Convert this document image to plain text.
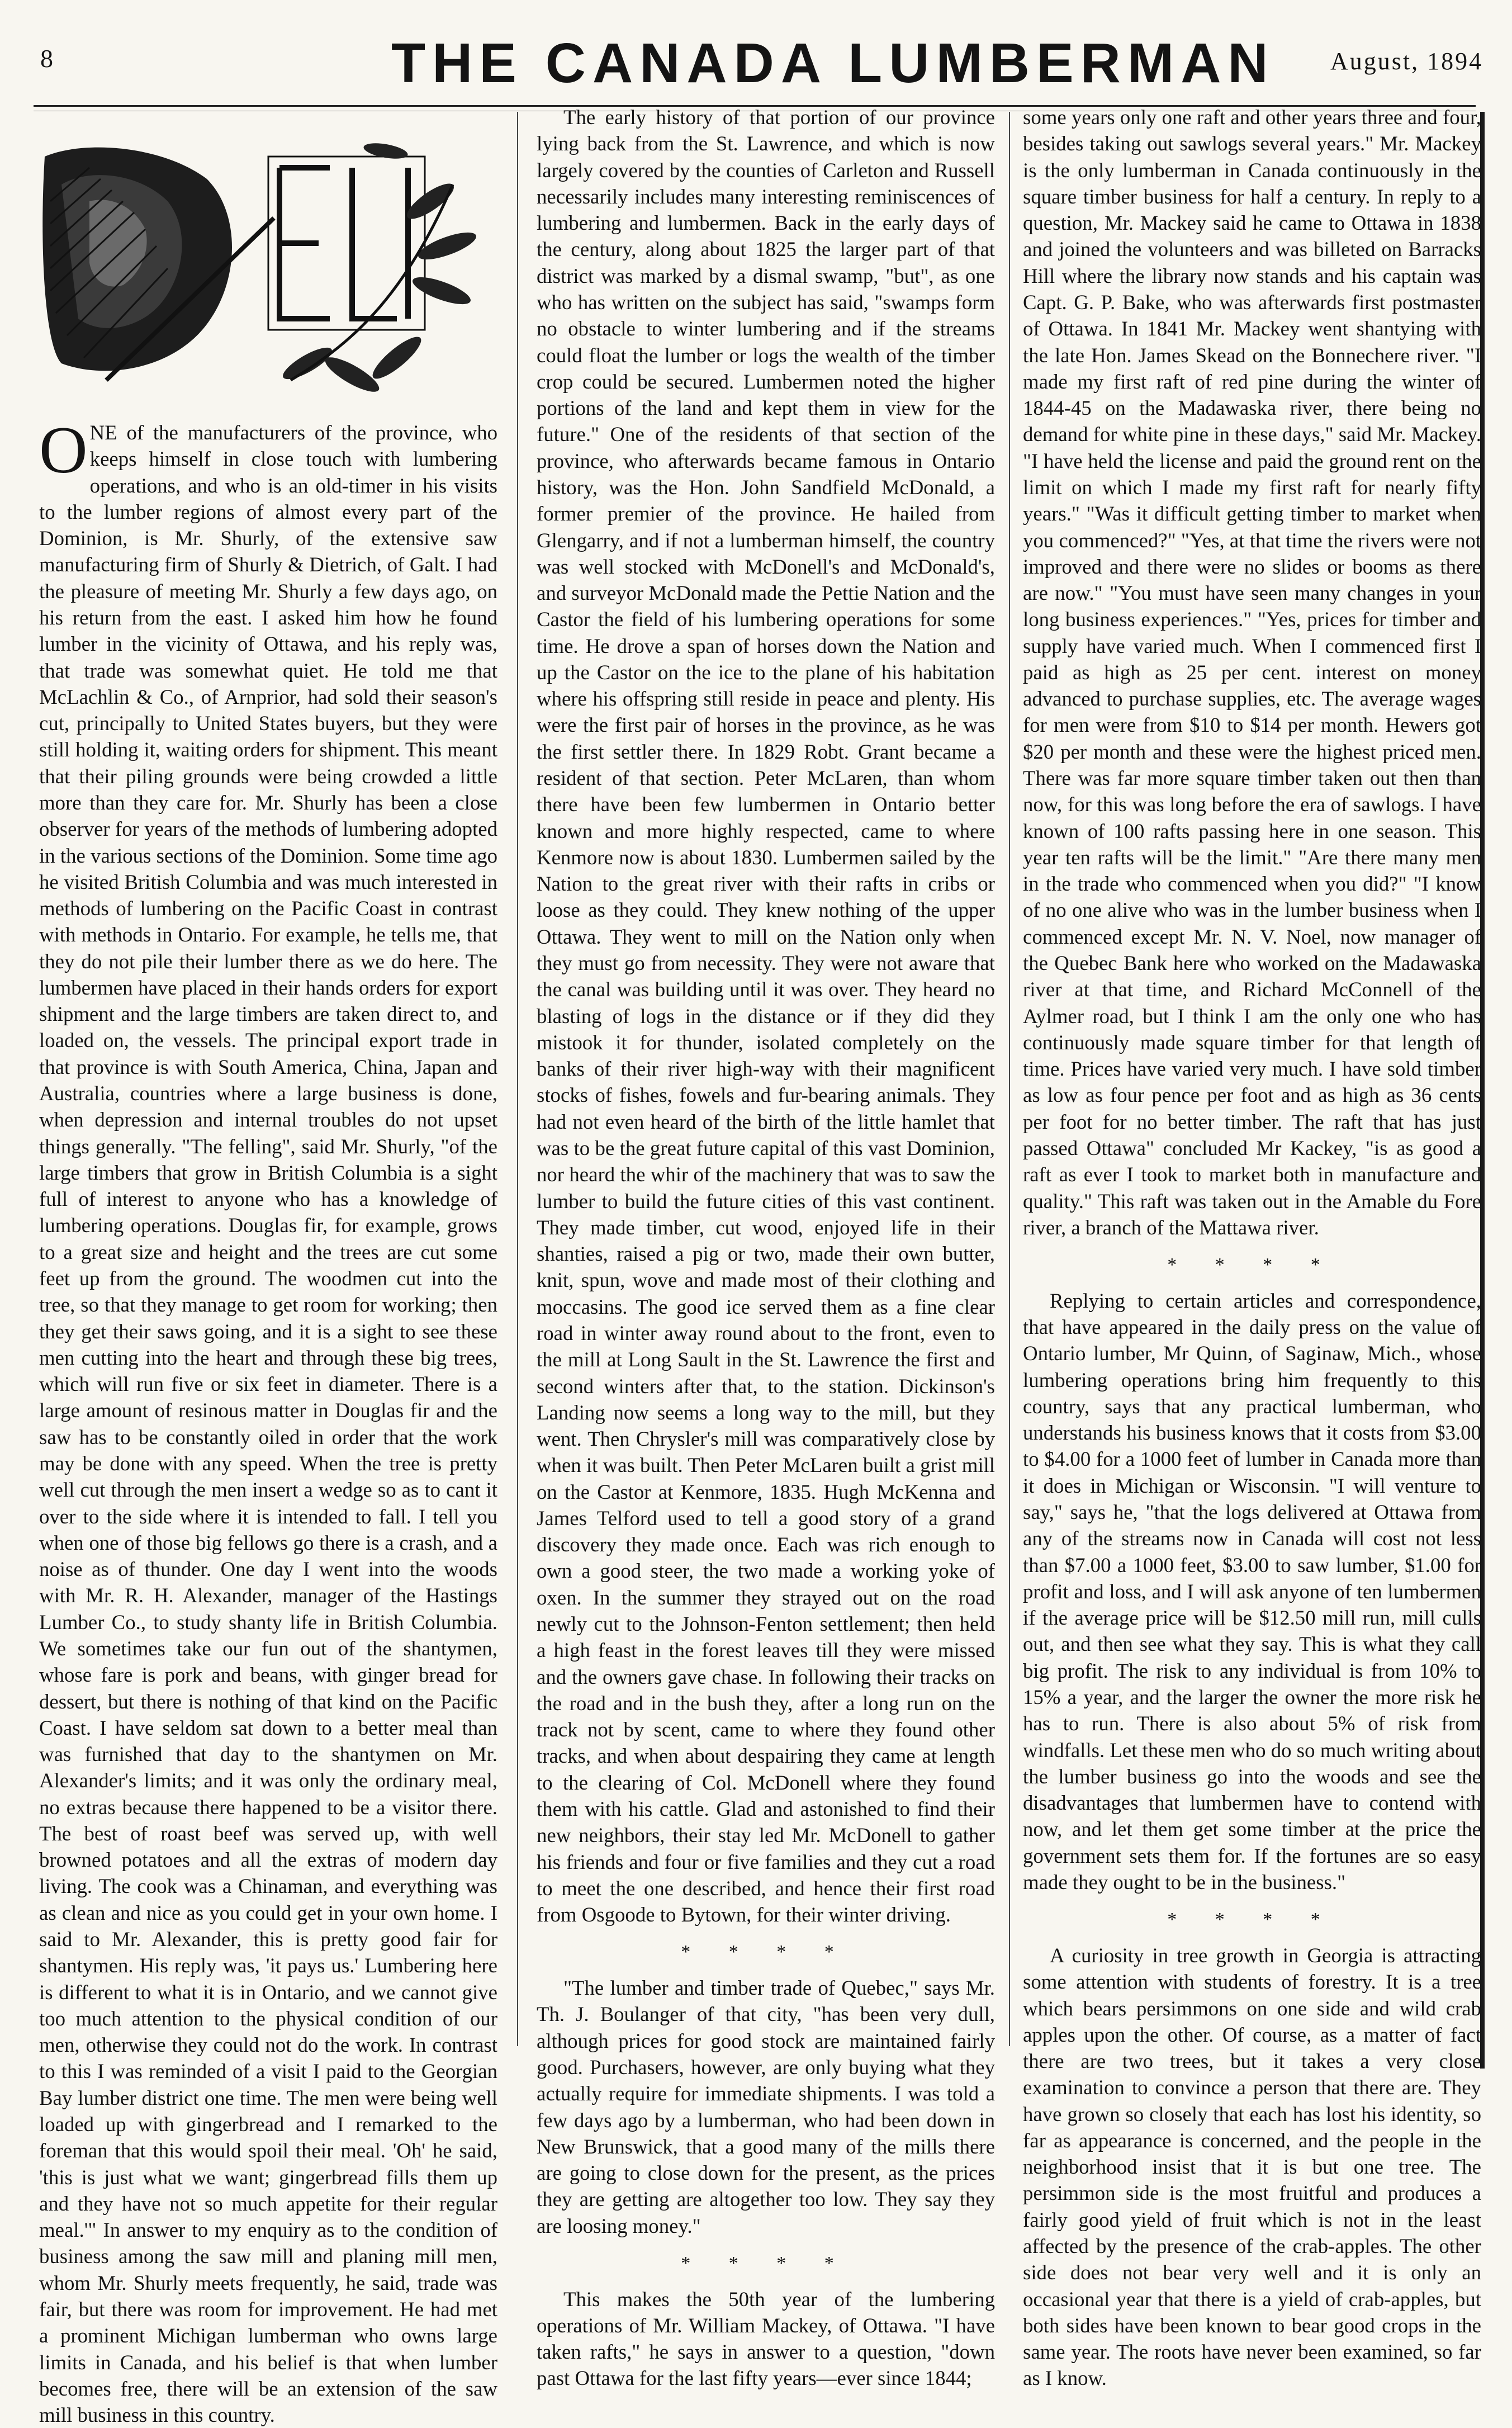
8	THE CANADA LUMBERMAN August, 1894

ONE of the manufacturers of the province, who keeps himself in close touch with lumbering operations, and who is an old-timer in his visits to the lumber regions of almost every part of the Dominion, is Mr. Shurly, of the extensive saw manufacturing firm of Shurly & Dietrich, of Galt. I had the pleasure of meeting Mr. Shurly a few days ago, on his return from the east. I asked him how he found lumber in the vicinity of Ottawa, and his reply was, that trade was somewhat quiet. He told me that McLachlin & Co., of Arnprior, had sold their season's cut, principally to United States buyers, but they were still holding it, waiting orders for shipment. This meant that their piling grounds were being crowded a little more than they care for. Mr. Shurly has been a close observer for years of the methods of lumbering adopted in the various sections of the Dominion. Some time ago he visited British Columbia and was much interested in methods of lumbering on the Pacific Coast in contrast with methods in Ontario. For example, he tells me, that they do not pile their lumber there as we do here. The lumbermen have placed in their hands orders for export shipment and the large timbers are taken direct to, and loaded on, the vessels. The principal export trade in that province is with South America, China, Japan and Australia, countries where a large business is done, when depression and internal troubles do not upset things generally. "The felling", said Mr. Shurly, "of the large timbers that grow in British Columbia is a sight full of interest to anyone who has a knowledge of lumbering operations. Douglas fir, for example, grows to a great size and height and the trees are cut some feet up from the ground. The woodmen cut into the tree, so that they manage to get room for working; then they get their saws going, and it is a sight to see these men cutting into the heart and through these big trees, which will run five or six feet in diameter. There is a large amount of resinous matter in Douglas fir and the saw has to be constantly oiled in order that the work may be done with any speed. When the tree is pretty well cut through the men insert a wedge so as to cant it over to the side where it is intended to fall. I tell you when one of those big fellows go there is a crash, and a noise as of thunder. One day I went into the woods with Mr. R. H. Alexander, manager of the Hastings Lumber Co., to study shanty life in British Columbia. We sometimes take our fun out of the shantymen, whose fare is pork and beans, with ginger bread for dessert, but there is nothing of that kind on the Pacific Coast. I have seldom sat down to a better meal than was furnished that day to the shantymen on Mr. Alexander's limits; and it was only the ordinary meal, no extras because there happened to be a visitor there. The best of roast beef was served up, with well browned potatoes and all the extras of modern day living. The cook was a Chinaman, and everything was as clean and nice as you could get in your own home. I said to Mr. Alexander, this is pretty good fair for shantymen. His reply was, 'it pays us.' Lumbering here is different to what it is in Ontario, and we cannot give too much attention to the physical condition of our men, otherwise they could not do the work. In contrast to this I was reminded of a visit I paid to the Georgian Bay lumber district one time. The men were being well loaded up with gingerbread and I remarked to the foreman that this would spoil their meal. 'Oh' he said, 'this is just what we want; gingerbread fills them up and they have not so much appetite for their regular meal.'" In answer to my enquiry as to the condition of business among the saw mill and planing mill men, whom Mr. Shurly meets frequently, he said, trade was fair, but there was room for improvement. He had met a prominent Michigan lumberman who owns large limits in Canada, and his belief is that when lumber becomes free, there will be an extension of the saw mill business in this country.

The early history of that portion of our province lying back from the St. Lawrence, and which is now largely covered by the counties of Carleton and Russell necessarily includes many interesting reminiscences of lumbering and lumbermen. Back in the early days of the century, along about 1825 the larger part of that district was marked by a dismal swamp, "but", as one who has written on the subject has said, "swamps form no obstacle to winter lumbering and if the streams could float the lumber or logs the wealth of the timber crop could be secured. Lumbermen noted the higher portions of the land and kept them in view for the future." One of the residents of that section of the province, who afterwards became famous in Ontario history, was the Hon. John Sandfield McDonald, a former premier of the province. He hailed from Glengarry, and if not a lumberman himself, the country was well stocked with McDonell's and McDonald's, and surveyor McDonald made the Pettie Nation and the Castor the field of his lumbering operations for some time. He drove a span of horses down the Nation and up the Castor on the ice to the plane of his habitation where his offspring still reside in peace and plenty. His were the first pair of horses in the province, as he was the first settler there. In 1829 Robt. Grant became a resident of that section. Peter McLaren, than whom there have been few lumbermen in Ontario better known and more highly respected, came to where Kenmore now is about 1830. Lumbermen sailed by the Nation to the great river with their rafts in cribs or loose as they could. They knew nothing of the upper Ottawa. They went to mill on the Nation only when they must go from necessity. They were not aware that the canal was building until it was over. They heard no blasting of logs in the distance or if they did they mistook it for thunder, isolated completely on the banks of their river high-way with their magnificent stocks of fishes, fowels and fur-bearing animals. They had not even heard of the birth of the little hamlet that was to be the great future capital of this vast Dominion, nor heard the whir of the machinery that was to saw the lumber to build the future cities of this vast continent. They made timber, cut wood, enjoyed life in their shanties, raised a pig or two, made their own butter, knit, spun, wove and made most of their clothing and moccasins. The good ice served them as a fine clear road in winter away round about to the front, even to the mill at Long Sault in the St. Lawrence the first and second winters after that, to the station. Dickinson's Landing now seems a long way to the mill, but they went. Then Chrysler's mill was comparatively close by when it was built. Then Peter McLaren built a grist mill on the Castor at Kenmore, 1835. Hugh McKenna and James Telford used to tell a good story of a grand discovery they made once. Each was rich enough to own a good steer, the two made a working yoke of oxen. In the summer they strayed out on the road newly cut to the Johnson-Fenton settlement; then held a high feast in the forest leaves till they were missed and the owners gave chase. In following their tracks on the road and in the bush they, after a long run on the track not by scent, came to where they found other tracks, and when about despairing they came at length to the clearing of Col. McDonell where they found them with his cattle. Glad and astonished to find their new neighbors, their stay led Mr. McDonell to gather his friends and four or five families and they cut a road to meet the one described, and hence their first road from Osgoode to Bytown, for their winter driving.

* * * *

"The lumber and timber trade of Quebec," says Mr. Th. J. Boulanger of that city, "has been very dull, although prices for good stock are maintained fairly good. Purchasers, however, are only buying what they actually require for immediate shipments. I was told a few days ago by a lumberman, who had been down in New Brunswick, that a good many of the mills there are going to close down for the present, as the prices they are getting are altogether too low. They say they are loosing money."

* * * *

This makes the 50th year of the lumbering operations of Mr. William Mackey, of Ottawa. "I have taken rafts," he says in answer to a question, "down past Ottawa for the last fifty years—ever since 1844;

some years only one raft and other years three and four, besides taking out sawlogs several years." Mr. Mackey is the only lumberman in Canada continuously in the square timber business for half a century. In reply to a question, Mr. Mackey said he came to Ottawa in 1838 and joined the volunteers and was billeted on Barracks Hill where the library now stands and his captain was Capt. G. P. Bake, who was afterwards first postmaster of Ottawa. In 1841 Mr. Mackey went shantying with the late Hon. James Skead on the Bonnechere river. "I made my first raft of red pine during the winter of 1844-45 on the Madawaska river, there being no demand for white pine in these days," said Mr. Mackey. "I have held the license and paid the ground rent on the limit on which I made my first raft for nearly fifty years." "Was it difficult getting timber to market when you commenced?" "Yes, at that time the rivers were not improved and there were no slides or booms as there are now." "You must have seen many changes in your long business experiences." "Yes, prices for timber and supply have varied much. When I commenced first I paid as high as 25 per cent. interest on money advanced to purchase supplies, etc. The average wages for men were from $10 to $14 per month. Hewers got $20 per month and these were the highest priced men. There was far more square timber taken out then than now, for this was long before the era of sawlogs. I have known of 100 rafts passing here in one season. This year ten rafts will be the limit." "Are there many men in the trade who commenced when you did?" "I know of no one alive who was in the lumber business when I commenced except Mr. N. V. Noel, now manager of the Quebec Bank here who worked on the Madawaska river at that time, and Richard McConnell of the Aylmer road, but I think I am the only one who has continuously made square timber for that length of time. Prices have varied very much. I have sold timber as low as four pence per foot and as high as 36 cents per foot for no better timber. The raft that has just passed Ottawa" concluded Mr Kackey, "is as good a raft as ever I took to market both in manufacture and quality." This raft was taken out in the Amable du Fore river, a branch of the Mattawa river.

* * * *

Replying to certain articles and correspondence, that have appeared in the daily press on the value of Ontario lumber, Mr Quinn, of Saginaw, Mich., whose lumbering operations bring him frequently to this country, says that any practical lumberman, who understands his business knows that it costs from $3.00 to $4.00 for a 1000 feet of lumber in Canada more than it does in Michigan or Wisconsin. "I will venture to say," says he, "that the logs delivered at Ottawa from any of the streams now in Canada will cost not less than $7.00 a 1000 feet, $3.00 to saw lumber, $1.00 for profit and loss, and I will ask anyone of ten lumbermen if the average price will be $12.50 mill run, mill culls out, and then see what they say. This is what they call big profit. The risk to any individual is from 10% to 15% a year, and the larger the owner the more risk he has to run. There is also about 5% of risk from windfalls. Let these men who do so much writing about the lumber business go into the woods and see the disadvantages that lumbermen have to contend with now, and let them get some timber at the price the government sets them for. If the fortunes are so easy made they ought to be in the business."

* * * *

A curiosity in tree growth in Georgia is attracting some attention with students of forestry. It is a tree which bears persimmons on one side and wild crab apples upon the other. Of course, as a matter of fact there are two trees, but it takes a very close examination to convince a person that there are. They have grown so closely that each has lost his identity, so far as appearance is concerned, and the people in the neighborhood insist that it is but one tree. The persimmon side is the most fruitful and produces a fairly good yield of fruit which is not in the least affected by the presence of the crab-apples. The other side does not bear very well and it is only an occasional year that there is a yield of crab-apples, but both sides have been known to bear good crops in the same year. The roots have never been examined, so far as I know.
